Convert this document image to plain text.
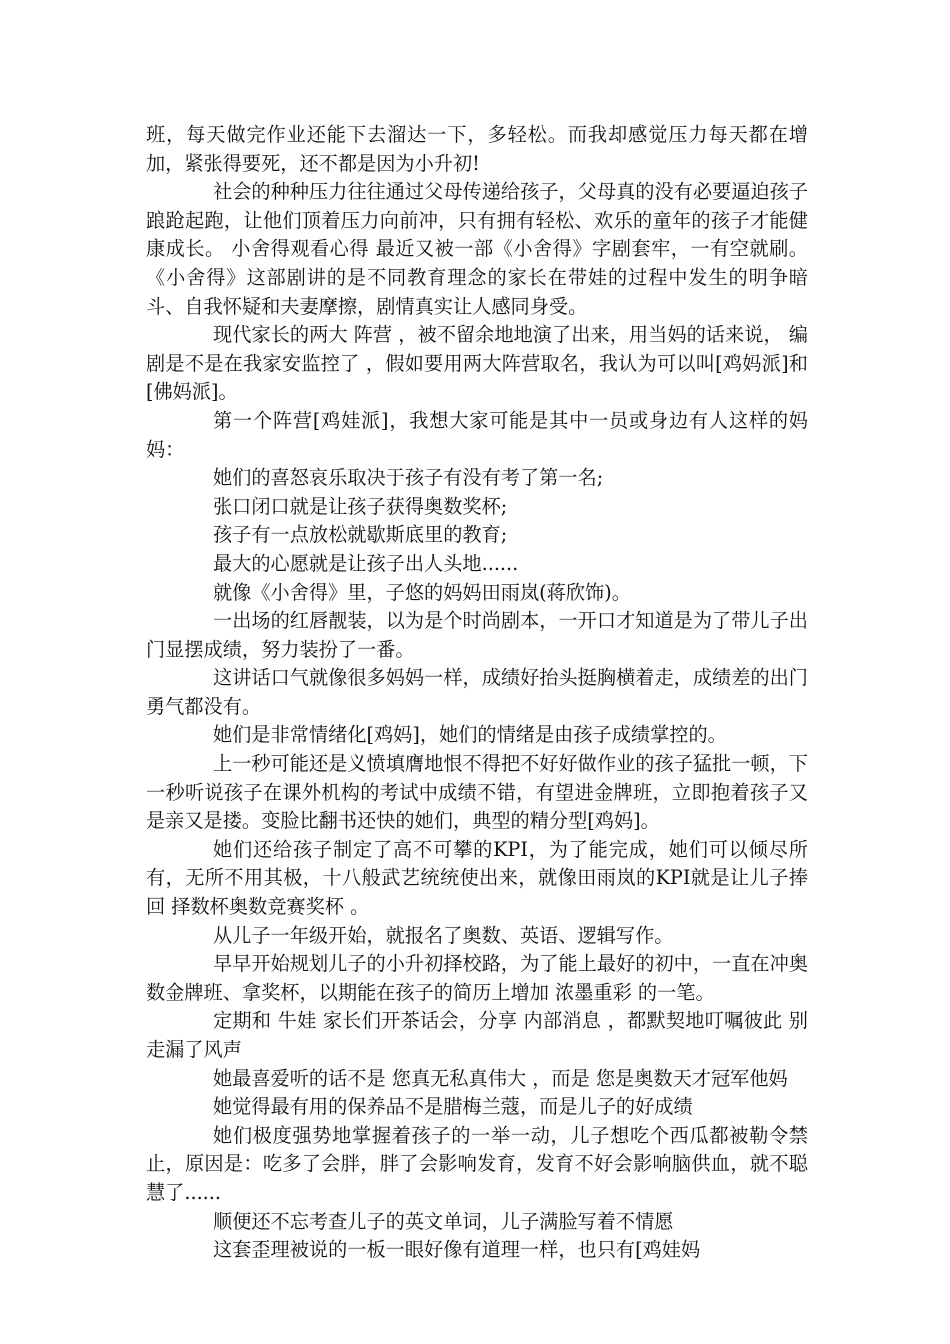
班，每天做完作业还能下去溜达一下，多轻松。而我却感觉压力每天都在增加，紧张得要死，还不都是因为小升初!

社会的种种压力往往通过父母传递给孩子，父母真的没有必要逼迫孩子踉跄起跑，让他们顶着压力向前冲，只有拥有轻松、欢乐的童年的孩子才能健康成长。 小舍得观看心得 最近又被一部《小舍得》字剧套牢，一有空就刷。《小舍得》这部剧讲的是不同教育理念的家长在带娃的过程中发生的明争暗斗、自我怀疑和夫妻摩擦，剧情真实让人感同身受。

现代家长的两大 阵营 ，被不留余地地演了出来，用当妈的话来说， 编剧是不是在我家安监控了 ，假如要用两大阵营取名，我认为可以叫[鸡妈派]和[佛妈派]。

第一个阵营[鸡娃派]，我想大家可能是其中一员或身边有人这样的妈妈：

她们的喜怒哀乐取决于孩子有没有考了第一名;

张口闭口就是让孩子获得奥数奖杯;

孩子有一点放松就歇斯底里的教育;

最大的心愿就是让孩子出人头地......

就像《小舍得》里，子悠的妈妈田雨岚(蒋欣饰)。

一出场的红唇靓装，以为是个时尚剧本，一开口才知道是为了带儿子出门显摆成绩，努力装扮了一番。

这讲话口气就像很多妈妈一样，成绩好抬头挺胸横着走，成绩差的出门勇气都没有。

她们是非常情绪化[鸡妈]，她们的情绪是由孩子成绩掌控的。

上一秒可能还是义愤填膺地恨不得把不好好做作业的孩子猛批一顿，下一秒听说孩子在课外机构的考试中成绩不错，有望进金牌班，立即抱着孩子又是亲又是搂。变脸比翻书还快的她们，典型的精分型[鸡妈]。

她们还给孩子制定了高不可攀的KPI，为了能完成，她们可以倾尽所有，无所不用其极，十八般武艺统统使出来，就像田雨岚的KPI就是让儿子捧回 择数杯奥数竞赛奖杯 。

从儿子一年级开始，就报名了奥数、英语、逻辑写作。

早早开始规划儿子的小升初择校路，为了能上最好的初中，一直在冲奥数金牌班、拿奖杯，以期能在孩子的简历上增加 浓墨重彩 的一笔。

定期和 牛娃 家长们开茶话会，分享 内部消息 ，都默契地叮嘱彼此 别走漏了风声

她最喜爱听的话不是 您真无私真伟大 ，而是 您是奥数天才冠军他妈

她觉得最有用的保养品不是腊梅兰蔻，而是儿子的好成绩

她们极度强势地掌握着孩子的一举一动，儿子想吃个西瓜都被勒令禁止，原因是：吃多了会胖，胖了会影响发育，发育不好会影响脑供血，就不聪慧了......

顺便还不忘考查儿子的英文单词，儿子满脸写着不情愿

这套歪理被说的一板一眼好像有道理一样，也只有[鸡娃妈
